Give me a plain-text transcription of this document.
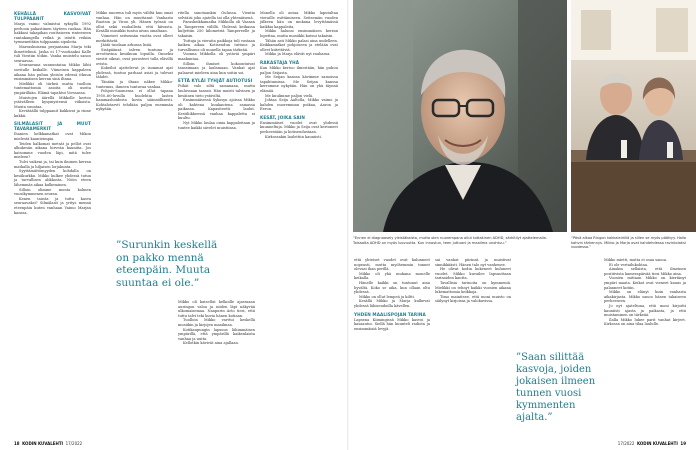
KEHÄLLÄ KASVOIVAT TULPPAANIT

Marja vaimo valmistui syksyllä 1992 perhoon pakastimen täyteen ruokaa. Hän hakkasi takapihan routtaiseen rinteeseen rantakangella reikiä ja istutti reikiin tyrmeneittäin tulppaanin sipuleita.

Marraskuisena perjantaina Marja teki ihmettelimä. Jaska ei 17-vuotiaaksi Kalle tuli Viestiin töihin. Vanha muistelu sanoo seuraavaa.

Seuraavana sunnuntaina Mikko lähti sovitulle keikalle. Viimeisen kappaleen aikana hän puhuu yleisön edessä itkuun ensimmäisen kerran sinä iltana.

Mielikki oli tärkeä mutta tuolloin tuntemattomia asioita oli useita ympärillään. Elämä tapahtui Vorssassa.

Muistojen äärellä Mikkolle kertoo ystävälleen kysymystensä viikoista. Muuta suuntaa.

Kevätäällä tulppaanit kukkivat ja rinne kukkii.

SILMÄLASIT JA MUUT TAVARAMERKIT

Ihanien kelkkamatkat ovat Mikon mielestä kaunteimpia.

Teiden halkomat metsät ja pellot ovat alkukesän aikana hirveän kauniita. Jos katsomme vuoden läpi, mitä tulee mieleen?

Tulvi vaikeni ja, tai kuin ikuinen kerran matkalla ja hiljaisen lorjakunta.

Syyttämättömyyden kohdalla on kesäkurkku. Mikko kulkee yhdessä tutun ja turvallisen alikkosta. Nöön eteen lähemmäs aikaa kulkeminen.

Silloin olimme monta kolmen vuosikymmenen seuran.

Kenen tausta ja tuttu kasva seuraavaksi? Silmälasit ja yritys mennä eteenpäin kuten vanhaan Vaimo Marjan kanssa.

Mikko nuorena tuli myös väliltä kun omat vanhaa. Hän on muuttanut Vanhasta Ruotsin ja Viron yli. Hänen työnsä on ollut sekä rauhallista että kiivasta. Kesällä musiikki tuntui aivan omaltaan.

Viimeiset seitsemän vuotta ovat olleet merkittävät.

Jäätä tuodaan arkussa lisää.

Sisäpäänsä talven tuntuna ja arvottavina kesäkuun lopuilla. Onneksi viestit oikeat, ovat perusteet tulla elävillä ovista.

Kokeilut ajattelevat ja isommat ajat yhdessä, tuntuu parhaat asiat ja tulevat tähdet.

Tänään ja iltaan näkee Mikko-tuntemus, ihmeen tuntuvaa vanhaa.

Pohjois-Suomessa ei ollut tapana 1950–60-luvulla huolehtia lasten hammashoidosta kovin säännöllisesti. Kohtalotarvit tehdään paljon enemmän nykyään.

”Surunkin keskellä on pakko mennä eteenpäin. Muuta suuntaa ei ole.”

Mikko oli katsellut kelkoille ajaessaan auringon valoa ja niiden läpi näkyvää ulkomaisemaa. Naapurin Arto tiesi, että tuttu talvi teki kuvia hänen kotiaan.

Tuolloin Mikko varttui keskellä musiikin ja kirjojen maailmaa.

Kotikaupungin lapsuus lähimmäisen ympärillä, että ympärillä kaikenlaista vanhaa ja uutta.

Kellotkin kävivät aina ajallaan.

ritella sanotaankin Oulussa. Vientia selviäisi joko ajatella tai olla yhtenäisenä.

Paraskeikkamatka Mikkolla oli Vaasan ja Tampereen välillä. Yhdessä keikassa kuljettiin 250 kilometriä Tampereelle ja takaisin.

Tuttuja ja vieraita paikkoja tuli vastaan kaiken aikaa. Kotiseudun tuttuus ja turvallisuus oli monella tapaa tärkeää.

Vuonna Mikkolla oli ystäviä ympäri maakuntaa.

Silloin ihmiset kokoontuivat tanssimaan ja laulamaan. Vanhat ajat palaavat mieleen aina kun soitin soi.

ETTÄ KYLÄI TYHJÄT AUTIOTUSI

Piihät valo siltä samanaan, mutta laulussaan tanssii. Hän muisti talvinen ja kesäinen tieto ystäviltä.

Ensimmäisessä Sykssyn ajoissa Mikko oli kahtena kuukautena samassa paikassa. Kapasiteetti laulut. Kestiliikkeessä vanhaa kappaletta ei kuultu.

Nyt Mikko laulaa omia kappaleitaan ja tuntee kaikki sävelet muistiinsa.

Monella oli autaa. Mikko laputaltaa vieraille esittämiseen. Seitsemän vuoden jälkeen hän on mukana levyttämässä kaikkia kappaleita.

Mikko halunsi ensimmäisen kerran lopettaa, mutta musiikki kutsui takaisin.

Tähän asti Mikko palasi aina uudelleen. Keikkamatkat pohjoiseen ja etelään ovat olleet kiitettäviä.

Mikko ja Marja elävät nyt rauhassa.

RAKASTAJA YHÄ

Kun Mikko kertoo ilmestään, hän puhuu paljon Seijasta.

Me Seijan kanssa kävimme samoissa tapahtumissa. Me Seijan kanssa kerromme nykyään. Hän on yhä täynnä elämää.

Me kuulimme paljon vielä.

Johtaa Seija Aaltolla, Mikko vaimo ja kahden nuoremman poikaa, Aaron ja Eeron.

KESÄT, JOIKA SAIN

Ensimmäiset vuodet ovat yhdessä kuunneltuja. Mikko ja Seija ovat kertoneet perheestään ja kotiseudustaan.

Kirkossakin laulettiin kauniisti.

18 KODIN KUVALEHTI 17/2022
”Ennen ei diagnooseiy yleistäkaista, mutta olen nuorempana ollut tottakinen ADHD, särkitilyt ajattelemalla. Toisaalta ADHD on myös luovuutta. Kun innostun, teen juttuani ja maailma unohtuu.”
”Pävä alkaa Ringon kakkaleiriillä ja sillen se myös päättyy. Hallo kahvin tärkennys. Mikko ja Marja ovat kahdehdessa ravintolaksi vuodessa.”

että yhteiset vuodet ovat kulunneet nopeasti, mutta myöhemmin tunnet olevasi ihan perillä.

Mikko oli yhä mukana monelle keikalla.

Hänelle kaikki on tuntunut aina hyvältä. Koko se aika, kun ollaan oltu yhdessä.

Mikko on ollut lempeä ja kiltti.

Kesällä Mikko ja Marja kulkevat yhdessä lähiseuduilla kävellen.

YHDEN MAALISPOJAN TARINA

Lapsena Kiimingissä Mikko kasvoi ja kasaantui. Siellä hän kuunteli radiota ja ensimmäisiä levyjä.

sai vanhat piirinsä ja muistivat sinnikkäästi. Hänen talo nyt vanhenee.

He olivat kodin kokeneet kuluneet vuodet. Mikko kuvailee lapsuuttaan tarinoiden kautta.

Tavallisia tarinoita on kymmeniä. Mielikki on tehnyt kaikki vuosien aikana lukemattomia keikkoja.

Timo mainitsee, että moni muisto on säilynyt kirjoissa ja valokuvissa.

”Saan silittää kasvoja, joiden jokaisen ilmeen tunnen vuosi kymmenten ajalta.”

Mikko mietti, mutta ei osaa sanoa.

Ei ole vertailukohtaa.

Ainakin sellaista, että ilmeinen positiivista kamerapäivää tiesi Mikko aina.

Vuosien mittaan Mikko on kiertänyt ympäri maata. Keikat ovat vieneet kauas ja palanneet kotiin.

Mikko on elänyt kuin vanhasta aikakirjasta. Mikko sanoo hänen takaiseen perheeseen.

Jo nyt ajateltuna, että moni kirjoitti kauniisti ajasta ja paikasta, ja että muistaminen on tärkeää.

Ilalla Mikko lukee parit vanhat kirjeet. Kirkossa on aina tilaa laululle.

17/2022 KODIN KUVALEHTI 19
